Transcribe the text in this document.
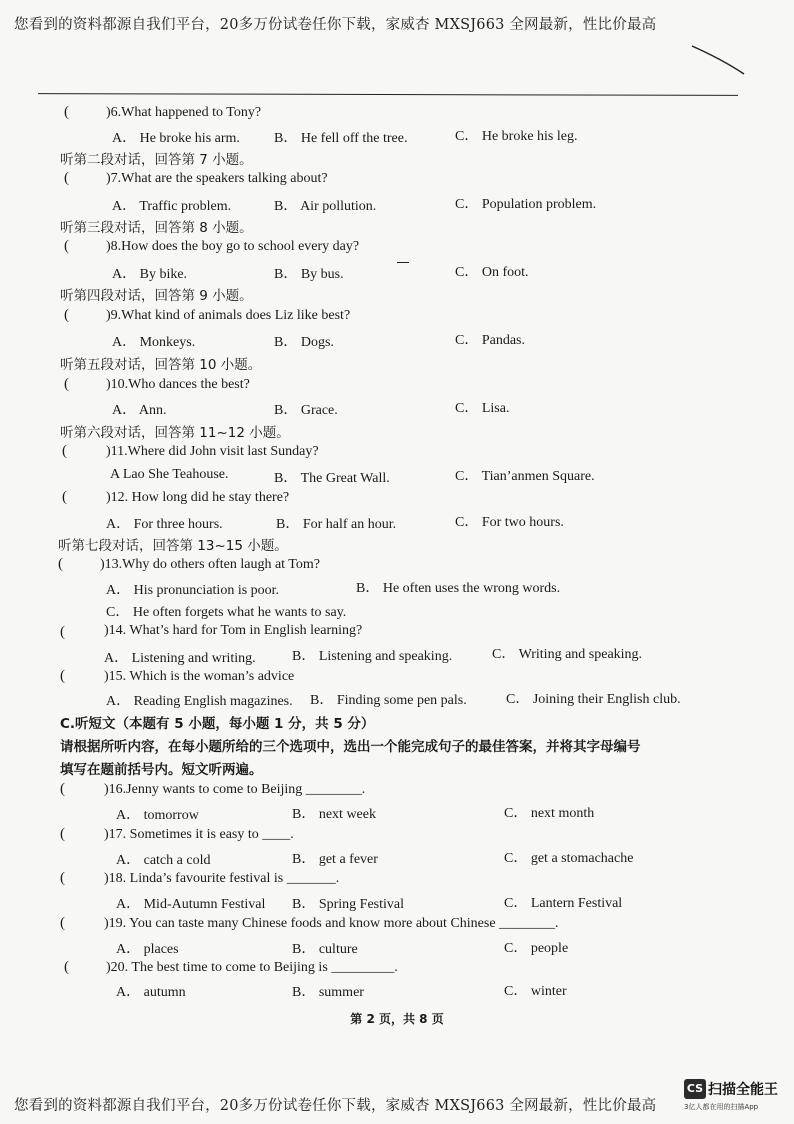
您看到的资料都源自我们平台，20多万份试卷任你下载，家威杏 MXSJ663 全网最新，性比价最高
(	)6.What happened to Tony?
A． He broke his arm. B． He fell off the tree.	C． He broke his leg.
听第二段对话，回答第 7 小题。
(	)7.What are the speakers talking about?
A． Traffic problem.	B． Air pollution.	C． Population problem.
听第三段对话，回答第 8 小题。
(	)8.How does the boy go to school every day?
A． By bike.	B． By bus.	C． On foot.
听第四段对话，回答第 9 小题。
(	)9.What kind of animals does Liz like best?
A． Monkeys.	B． Dogs.	C． Pandas.
听第五段对话，回答第 10 小题。
(	)10.Who dances the best?
A． Ann.	B． Grace.	C． Lisa.
听第六段对话，回答第 11~12 小题。
(	)11.Where did John visit last Sunday?
A Lao She Teahouse.	B． The Great Wall.	C． Tian’anmen Square.
(	)12. How long did he stay there?
A． For three hours.	B． For half an hour.	C． For two hours.
听第七段对话，回答第 13~15 小题。
(	)13.Why do others often laugh at Tom?
A． His pronunciation is poor.	B． He often uses the wrong words.
C． He often forgets what he wants to say.
(	)14. What’s hard for Tom in English learning?
A． Listening and writing.	B． Listening and speaking.	C． Writing and speaking.
(	)15. Which is the woman’s advice
A． Reading English magazines. B． Finding some pen pals.	C． Joining their English club.
C.听短文（本题有 5 小题，每小题 1 分，共 5 分）
请根据所听内容，在每小题所给的三个选项中，选出一个能完成句子的最佳答案，并将其字母编号
填写在题前括号内。短文听两遍。
(	)16.Jenny wants to come to Beijing ________.
A． tomorrow	B． next week	C． next month
(	)17. Sometimes it is easy to ____.
A． catch a cold	B． get a fever	C． get a stomachache
(	)18. Linda’s favourite festival is _______.
A． Mid-Autumn Festival B． Spring Festival	C． Lantern Festival
(	)19. You can taste many Chinese foods and know more about Chinese ________.
A． places	B． culture	C． people
(	)20. The best time to come to Beijing is _________.
A． autumn	B． summer	C． winter
第 2 页，共 8 页
您看到的资料都源自我们平台，20多万份试卷任你下载，家威杏 MXSJ663 全网最新，性比价最高
CS 扫描全能王
3亿人都在用的扫描App
